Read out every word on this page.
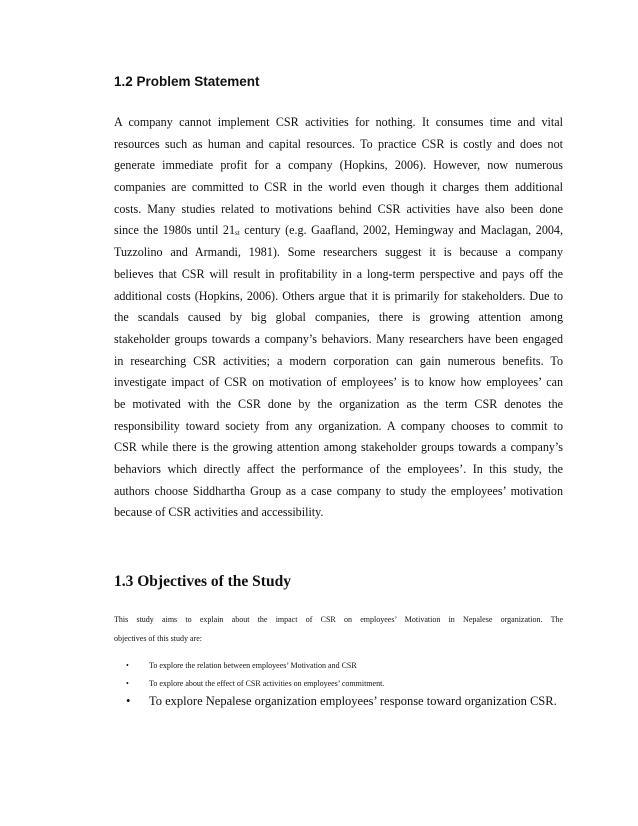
1.2 Problem Statement
A company cannot implement CSR activities for nothing. It consumes time and vital
resources such as human and capital resources. To practice CSR is costly and does not
generate immediate profit for a company (Hopkins, 2006). However, now numerous
companies are committed to CSR in the world even though it charges them additional
costs. Many studies related to motivations behind CSR activities have also been done
since the 1980s until $21_{st}$ century (e.g. Gaafland, 2002, Hemingway and Maclagan, 2004,
Tuzzolino and Armandi, 1981). Some researchers suggest it is because a company
believes that CSR will result in profitability in a long-term perspective and pays off the
additional costs (Hopkins, 2006). Others argue that it is primarily for stakeholders. Due to
the scandals caused by big global companies, there is growing attention among
stakeholder groups towards a company’s behaviors. Many researchers have been engaged
in researching CSR activities; a modern corporation can gain numerous benefits. To
investigate impact of CSR on motivation of employees’ is to know how employees’ can
be motivated with the CSR done by the organization as the term CSR denotes the
responsibility toward society from any organization. A company chooses to commit to
CSR while there is the growing attention among stakeholder groups towards a company’s
behaviors which directly affect the performance of the employees’. In this study, the
authors choose Siddhartha Group as a case company to study the employees’ motivation
because of CSR activities and accessibility.
1.3 Objectives of the Study
This study aims to explain about the impact of CSR on employees’ Motivation in Nepalese organization. The
objectives of this study are:
•	To explore the relation between employees’ Motivation and CSR
•	To explore about the effect of CSR activities on employees’ commitment.
• To explore Nepalese organization employees’ response toward organization CSR.
